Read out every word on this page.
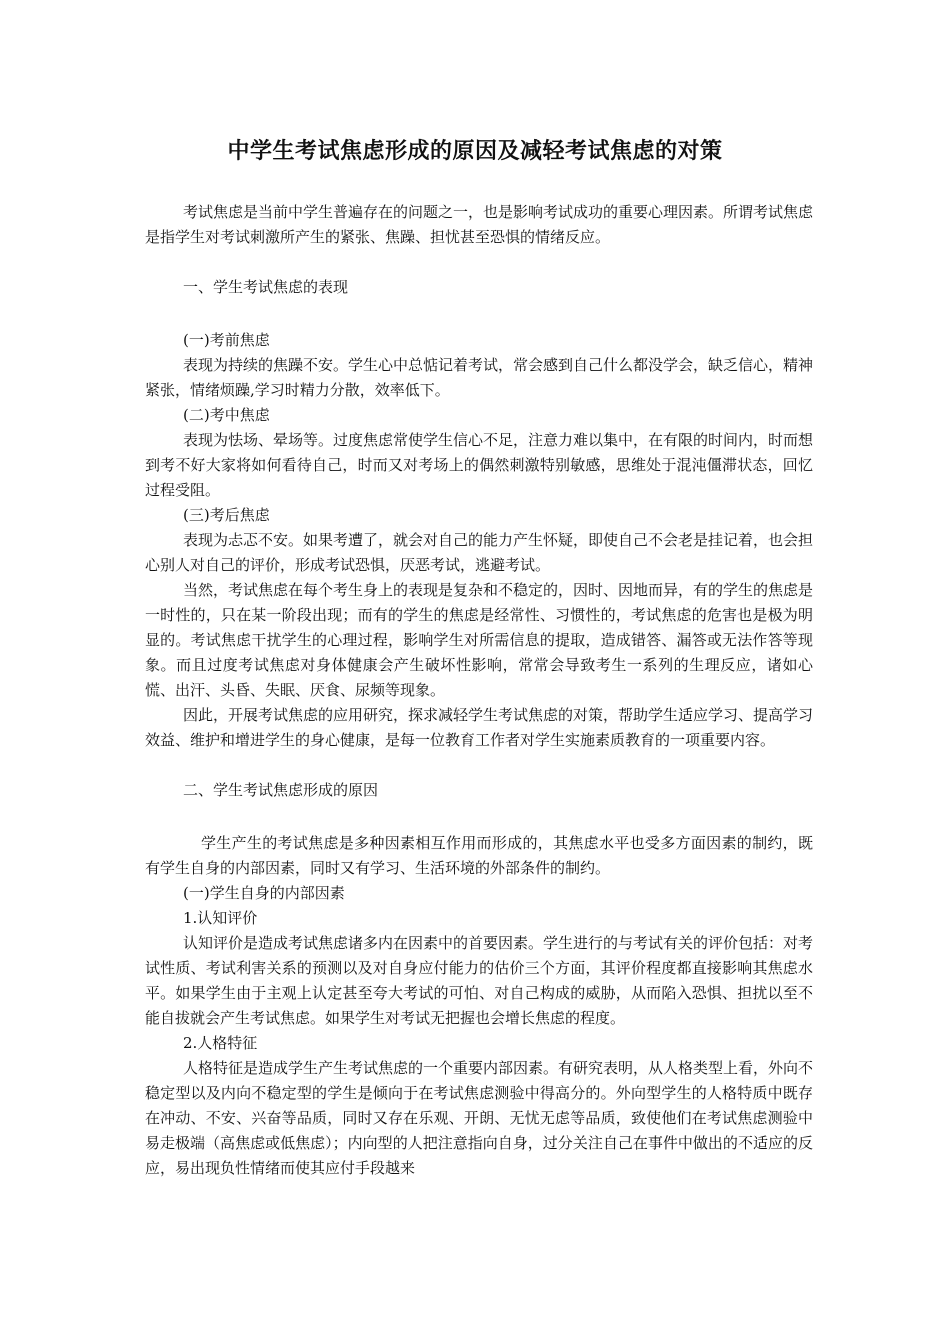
中学生考试焦虑形成的原因及减轻考试焦虑的对策

考试焦虑是当前中学生普遍存在的问题之一，也是影响考试成功的重要心理因素。所谓考试焦虑是指学生对考试刺激所产生的紧张、焦躁、担忧甚至恐惧的情绪反应。

一、学生考试焦虑的表现

(一)考前焦虑

表现为持续的焦躁不安。学生心中总惦记着考试，常会感到自己什么都没学会，缺乏信心，精神紧张，情绪烦躁,学习时精力分散，效率低下。

(二)考中焦虑

表现为怯场、晕场等。过度焦虑常使学生信心不足，注意力难以集中，在有限的时间内，时而想到考不好大家将如何看待自己，时而又对考场上的偶然刺激特别敏感，思维处于混沌僵滞状态，回忆过程受阻。

(三)考后焦虑

表现为忐忑不安。如果考遭了，就会对自己的能力产生怀疑，即使自己不会老是挂记着，也会担心别人对自己的评价，形成考试恐惧，厌恶考试，逃避考试。

当然，考试焦虑在每个考生身上的表现是复杂和不稳定的，因时、因地而异，有的学生的焦虑是一时性的，只在某一阶段出现；而有的学生的焦虑是经常性、习惯性的，考试焦虑的危害也是极为明显的。考试焦虑干扰学生的心理过程，影响学生对所需信息的提取，造成错答、漏答或无法作答等现象。而且过度考试焦虑对身体健康会产生破坏性影响，常常会导致考生一系列的生理反应，诸如心慌、出汗、头昏、失眠、厌食、尿频等现象。

因此，开展考试焦虑的应用研究，探求减轻学生考试焦虑的对策，帮助学生适应学习、提高学习效益、维护和增进学生的身心健康，是每一位教育工作者对学生实施素质教育的一项重要内容。

二、学生考试焦虑形成的原因

学生产生的考试焦虑是多种因素相互作用而形成的，其焦虑水平也受多方面因素的制约，既有学生自身的内部因素，同时又有学习、生活环境的外部条件的制约。

(一)学生自身的内部因素

1.认知评价

认知评价是造成考试焦虑诸多内在因素中的首要因素。学生进行的与考试有关的评价包括：对考试性质、考试利害关系的预测以及对自身应付能力的估价三个方面，其评价程度都直接影响其焦虑水平。如果学生由于主观上认定甚至夸大考试的可怕、对自己构成的威胁，从而陷入恐惧、担扰以至不能自拔就会产生考试焦虑。如果学生对考试无把握也会增长焦虑的程度。

2.人格特征

人格特征是造成学生产生考试焦虑的一个重要内部因素。有研究表明，从人格类型上看，外向不稳定型以及内向不稳定型的学生是倾向于在考试焦虑测验中得高分的。外向型学生的人格特质中既存在冲动、不安、兴奋等品质，同时又存在乐观、开朗、无忧无虑等品质，致使他们在考试焦虑测验中易走极端（高焦虑或低焦虑）；内向型的人把注意指向自身，过分关注自己在事件中做出的不适应的反应，易出现负性情绪而使其应付手段越来
